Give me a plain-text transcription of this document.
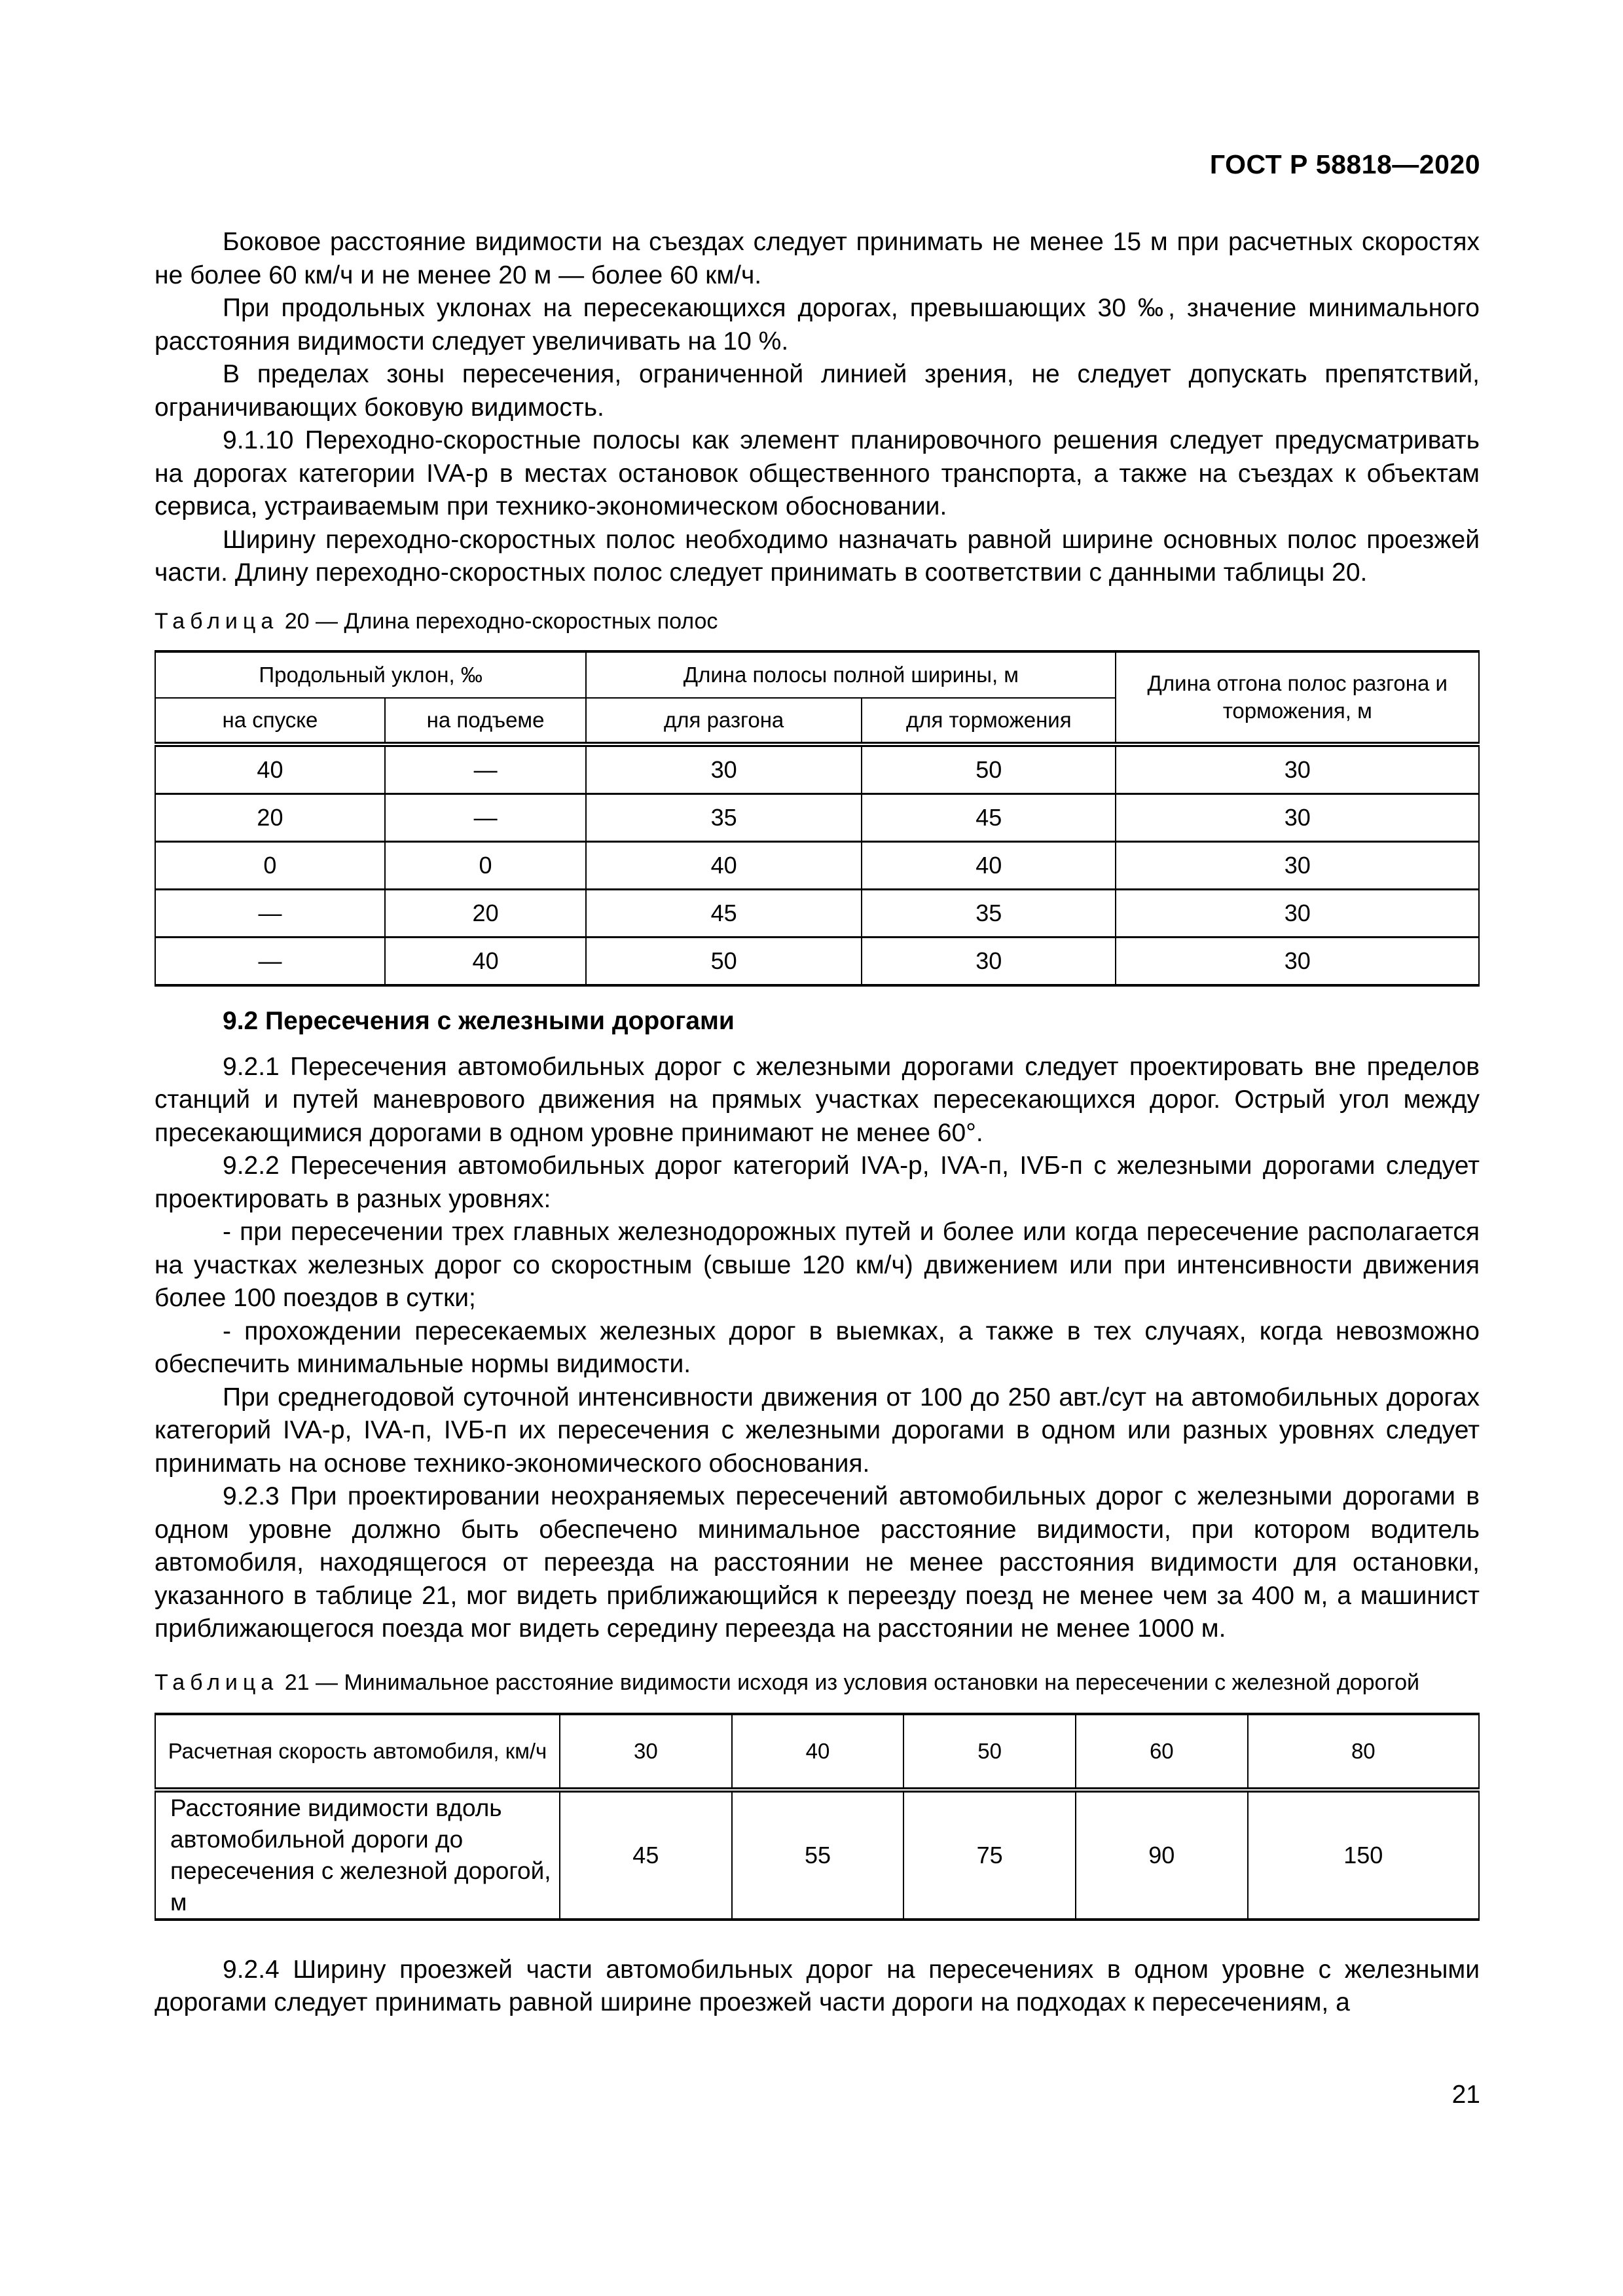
ГОСТ Р 58818—2020

Боковое расстояние видимости на съездах следует принимать не менее 15 м при расчетных скоростях не более 60 км/ч и не менее 20 м — более 60 км/ч.

При продольных уклонах на пересекающихся дорогах, превышающих 30 ‰, значение минимального расстояния видимости следует увеличивать на 10 %.

В пределах зоны пересечения, ограниченной линией зрения, не следует допускать препятствий, ограничивающих боковую видимость.

9.1.10 Переходно-скоростные полосы как элемент планировочного решения следует предусматривать на дорогах категории IVA-р в местах остановок общественного транспорта, а также на съездах к объектам сервиса, устраиваемым при технико-экономическом обосновании.

Ширину переходно-скоростных полос необходимо назначать равной ширине основных полос проезжей части. Длину переходно-скоростных полос следует принимать в соответствии с данными таблицы 20.

Таблица 20 — Длина переходно-скоростных полос

Продольный уклон, ‰		Длина полосы полной ширины, м		Длина отгона полос разгона и торможения, м
на спуске	на подъеме	для разгона	для торможения	
40	—	30	50	30
20	—	35	45	30
0	0	40	40	30
—	20	45	35	30
—	40	50	30	30

9.2 Пересечения с железными дорогами

9.2.1 Пересечения автомобильных дорог с железными дорогами следует проектировать вне пределов станций и путей маневрового движения на прямых участках пересекающихся дорог. Острый угол между пресекающимися дорогами в одном уровне принимают не менее 60°.

9.2.2 Пересечения автомобильных дорог категорий IVA-р, IVA-п, IVБ-п с железными дорогами следует проектировать в разных уровнях:

- при пересечении трех главных железнодорожных путей и более или когда пересечение располагается на участках железных дорог со скоростным (свыше 120 км/ч) движением или при интенсивности движения более 100 поездов в сутки;

- прохождении пересекаемых железных дорог в выемках, а также в тех случаях, когда невозможно обеспечить минимальные нормы видимости.

При среднегодовой суточной интенсивности движения от 100 до 250 авт./сут на автомобильных дорогах категорий IVA-р, IVA-п, IVБ-п их пересечения с железными дорогами в одном или разных уровнях следует принимать на основе технико-экономического обоснования.

9.2.3 При проектировании неохраняемых пересечений автомобильных дорог с железными дорогами в одном уровне должно быть обеспечено минимальное расстояние видимости, при котором водитель автомобиля, находящегося от переезда на расстоянии не менее расстояния видимости для остановки, указанного в таблице 21, мог видеть приближающийся к переезду поезд не менее чем за 400 м, а машинист приближающегося поезда мог видеть середину переезда на расстоянии не менее 1000 м.

Таблица 21 — Минимальное расстояние видимости исходя из условия остановки на пересечении с железной дорогой

Расчетная скорость автомобиля, км/ч	30	40	50	60	80
Расстояние видимости вдоль автомобильной дороги до пересечения с железной дорогой, м	45	55	75	90	150

9.2.4 Ширину проезжей части автомобильных дорог на пересечениях в одном уровне с железными дорогами следует принимать равной ширине проезжей части дороги на подходах к пересечениям, а

21
